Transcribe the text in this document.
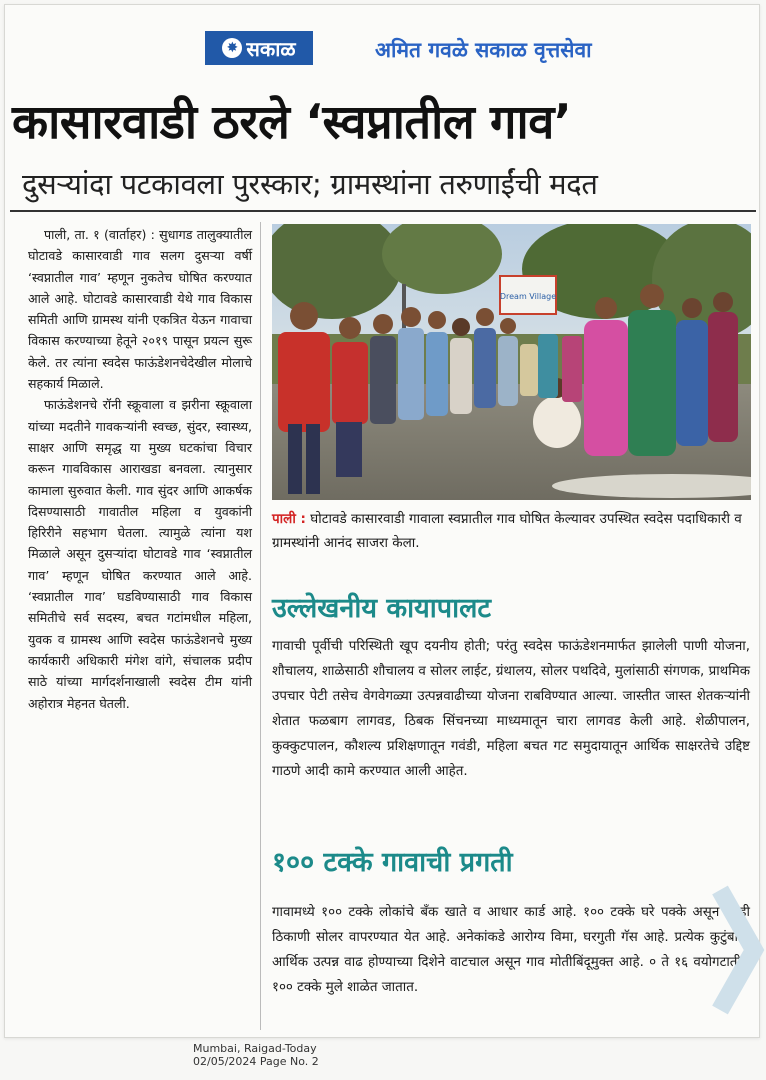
✸ सकाळ	अमित गवळे सकाळ वृत्तसेवा
कासारवाडी ठरले ‘स्वप्नातील गाव’
दुसऱ्यांदा पटकावला पुरस्कार; ग्रामस्थांना तरुणाईंची मदत

पाली, ता. १ (वार्ताहर) : सुधागड तालुक्यातील घोटावडे कासारवाडी गाव सलग दुसऱ्या वर्षी ‘स्वप्नातील गाव’ म्हणून नुकतेच घोषित करण्यात आले आहे. घोटावडे कासारवाडी येथे गाव विकास समिती आणि ग्रामस्थ यांनी एकत्रित येऊन गावाचा विकास करण्याच्या हेतूने २०१९ पासून प्रयत्न सुरू केले. तर त्यांना स्वदेस फाऊंडेशनचेदेखील मोलाचे सहकार्य मिळाले.

फाऊंडेशनचे रॉनी स्क्रूवाला व झरीना स्क्रूवाला यांच्या मदतीने गावकऱ्यांनी स्वच्छ, सुंदर, स्वास्थ्य, साक्षर आणि समृद्ध या मुख्य घटकांचा विचार करून गावविकास आराखडा बनवला. त्यानुसार कामाला सुरुवात केली. गाव सुंदर आणि आकर्षक दिसण्यासाठी गावातील महिला व युवकांनी हिरिरीने सहभाग घेतला. त्यामुळे त्यांना यश मिळाले असून दुसऱ्यांदा घोटावडे गाव ‘स्वप्नातील गाव’ म्हणून घोषित करण्यात आले आहे. ‘स्वप्नातील गाव’ घडविण्यासाठी गाव विकास समितीचे सर्व सदस्य, बचत गटांमधील महिला, युवक व ग्रामस्थ आणि स्वदेस फाऊंडेशनचे मुख्य कार्यकारी अधिकारी मंगेश वांगे, संचालक प्रदीप साठे यांच्या मार्गदर्शनाखाली स्वदेस टीम यांनी अहोरात्र मेहनत घेतली.

Dream Village
पाली : घोटावडे कासारवाडी गावाला स्वप्नातील गाव घोषित केल्यावर उपस्थित स्वदेस पदाधिकारी व ग्रामस्थांनी आनंद साजरा केला.
उल्लेखनीय कायापालट

गावाची पूर्वीची परिस्थिती खूप दयनीय होती; परंतु स्वदेस फाऊंडेशनमार्फत झालेली पाणी योजना, शौचालय, शाळेसाठी शौचालय व सोलर लाईट, ग्रंथालय, सोलर पथदिवे, मुलांसाठी संगणक, प्राथमिक उपचार पेटी तसेच वेगवेगळ्या उत्पन्नवाढीच्या योजना राबविण्यात आल्या. जास्तीत जास्त शेतकऱ्यांनी शेतात फळबाग लागवड, ठिबक सिंचनच्या माध्यमातून चारा लागवड केली आहे. शेळीपालन, कुक्कुटपालन, कौशल्य प्रशिक्षणातून गवंडी, महिला बचत गट समुदायातून आर्थिक साक्षरतेचे उद्दिष्ट गाठणे आदी कामे करण्यात आली आहेत.

१०० टक्के गावाची प्रगती

गावामध्ये १०० टक्के लोकांचे बँक खाते व आधार कार्ड आहे. १०० टक्के घरे पक्के असून काही ठिकाणी सोलर वापरण्यात येत आहे. अनेकांकडे आरोग्य विमा, घरगुती गॅस आहे. प्रत्येक कुटुंबाची आर्थिक उत्पन्न वाढ होण्याच्या दिशेने वाटचाल असून गाव मोतीबिंदूमुक्त आहे. ० ते १६ वयोगटातील १०० टक्के मुले शाळेत जातात.

Mumbai, Raigad-Today
02/05/2024 Page No. 2
